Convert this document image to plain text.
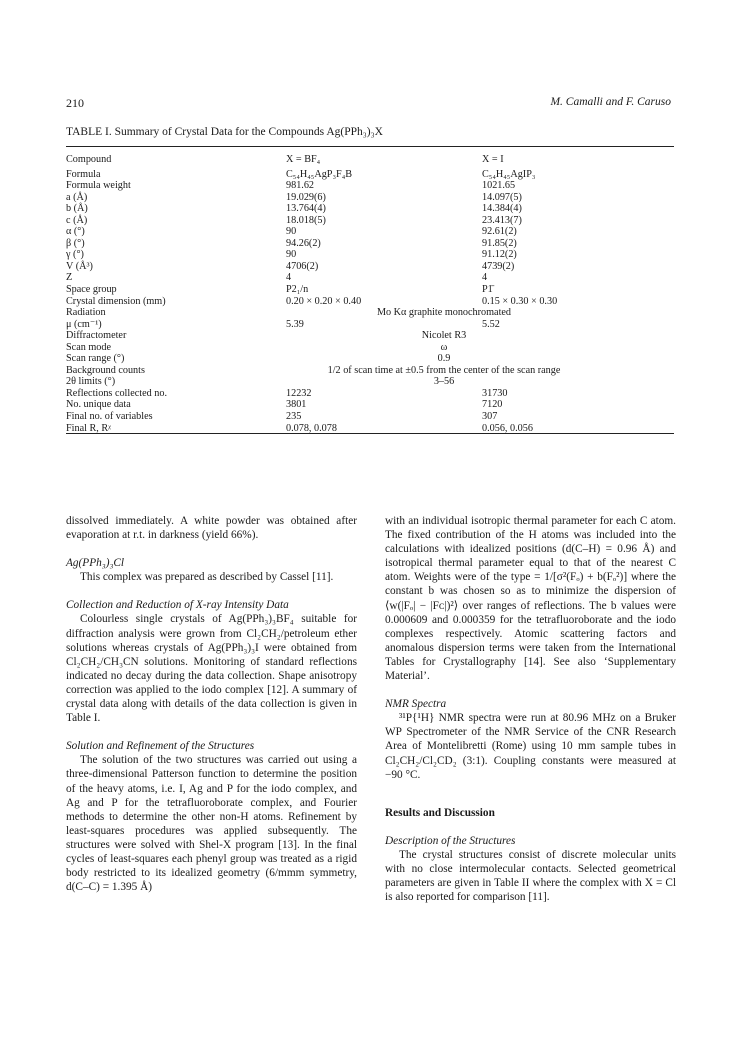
210	M. Camalli and F. Caruso
TABLE I. Summary of Crystal Data for the Compounds Ag(PPh₃)₃X
Compound	X = BF₄	X = I
Formula	C₅₄H₄₅AgP₃F₄B	C₅₄H₄₅AgIP₃
Formula weight	981.62	1021.65
a (Å)	19.029(6)	14.097(5)
b (Å)	13.764(4)	14.384(4)
c (Å)	18.018(5)	23.413(7)
α (°)	90	92.61(2)
β (°)	94.26(2)	91.85(2)
γ (°)	90	91.12(2)
V (Å³)	4706(2)	4739(2)
Z	4	4
Space group	P2₁/n	P1̄
Crystal dimension (mm)	0.20 × 0.20 × 0.40	0.15 × 0.30 × 0.30
Radiation	Mo Kα graphite monochromated
μ (cm⁻¹)	5.39	5.52
Diffractometer	Nicolet R3
Scan mode	ω
Scan range (°)	0.9
Background counts	1/2 of scan time at ±0.5 from the center of the scan range
2θ limits (°)	3–56
Reflections collected no.	12232	31730
No. unique data	3801	7120
Final no. of variables	235	307
Final R, Rᵡ	0.078, 0.078	0.056, 0.056

dissolved immediately. A white powder was obtained after evaporation at r.t. in darkness (yield 66%).

Ag(PPh₃)₃Cl

This complex was prepared as described by Cassel [11].

Collection and Reduction of X-ray Intensity Data

Colourless single crystals of Ag(PPh₃)₃BF₄ suitable for diffraction analysis were grown from Cl₂CH₂/petroleum ether solutions whereas crystals of Ag(PPh₃)₃I were obtained from Cl₂CH₂/CH₃CN solutions. Monitoring of standard reflections indicated no decay during the data collection. Shape anisotropy correction was applied to the iodo complex [12]. A summary of crystal data along with details of the data collection is given in Table I.

Solution and Refinement of the Structures

The solution of the two structures was carried out using a three-dimensional Patterson function to determine the position of the heavy atoms, i.e. I, Ag and P for the iodo complex, and Ag and P for the tetrafluoroborate complex, and Fourier methods to determine the other non-H atoms. Refinement by least-squares procedures was applied subsequently. The structures were solved with Shel-X program [13]. In the final cycles of least-squares each phenyl group was treated as a rigid body restricted to its idealized geometry (6/mmm symmetry, d(C–C) = 1.395 Å)

with an individual isotropic thermal parameter for each C atom. The fixed contribution of the H atoms was included into the calculations with idealized positions (d(C–H) = 0.96 Å) and isotropical thermal parameter equal to that of the nearest C atom. Weights were of the type = 1/[σ²(Fₒ) + b(Fₒ²)] where the constant b was chosen so as to minimize the dispersion of ⟨w(|Fₒ| − |Fᴄ|)²⟩ over ranges of reflections. The b values were 0.000609 and 0.000359 for the tetrafluoroborate and the iodo complexes respectively. Atomic scattering factors and anomalous dispersion terms were taken from the International Tables for Crystallography [14]. See also ‘Supplementary Material’.

NMR Spectra

³¹P{¹H} NMR spectra were run at 80.96 MHz on a Bruker WP Spectrometer of the NMR Service of the CNR Research Area of Montelibretti (Rome) using 10 mm sample tubes in Cl₂CH₂/Cl₂CD₂ (3:1). Coupling constants were measured at −90 °C.

Results and Discussion

Description of the Structures

The crystal structures consist of discrete molecular units with no close intermolecular contacts. Selected geometrical parameters are given in Table II where the complex with X = Cl is also reported for comparison [11].
